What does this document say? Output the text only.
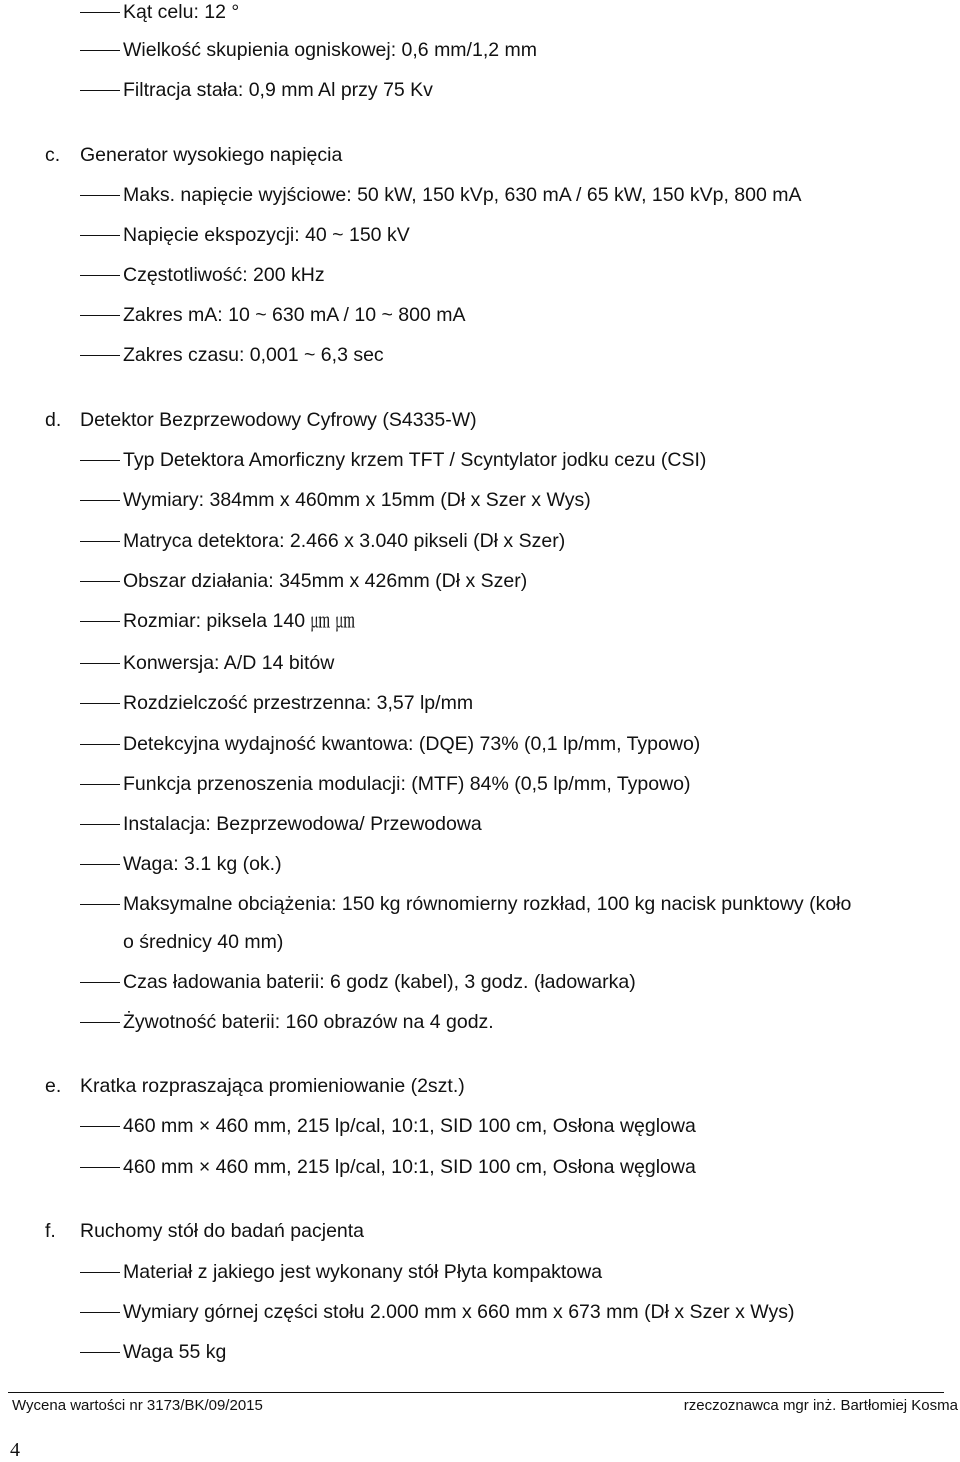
Kąt celu: 12 °
Wielkość skupienia ogniskowej: 0,6 mm/1,2 mm
Filtracja stała: 0,9 mm Al przy 75 Kv
c. Generator wysokiego napięcia
Maks. napięcie wyjściowe: 50 kW, 150 kVp, 630 mA / 65 kW, 150 kVp, 800 mA
Napięcie ekspozycji: 40 ~ 150 kV
Częstotliwość: 200 kHz
Zakres mA: 10 ~ 630 mA / 10 ~ 800 mA
Zakres czasu: 0,001 ~ 6,3 sec
d. Detektor Bezprzewodowy Cyfrowy (S4335-W)
Typ Detektora Amorficzny krzem TFT / Scyntylator jodku cezu (CSI)
Wymiary: 384mm x 460mm x 15mm (Dł x Szer x Wys)
Matryca detektora: 2.466 x 3.040 pikseli (Dł x Szer)
Obszar działania: 345mm x 426mm (Dł x Szer)
Rozmiar: piksela 140 ㎛ ㎛
Konwersja: A/D 14 bitów
Rozdzielczość przestrzenna: 3,57 lp/mm
Detekcyjna wydajność kwantowa: (DQE) 73% (0,1 lp/mm, Typowo)
Funkcja przenoszenia modulacji: (MTF) 84% (0,5 lp/mm, Typowo)
Instalacja: Bezprzewodowa/ Przewodowa
Waga: 3.1 kg (ok.)
Maksymalne obciążenia: 150 kg równomierny rozkład, 100 kg nacisk punktowy (koło
o średnicy 40 mm)
Czas ładowania baterii: 6 godz (kabel), 3 godz. (ładowarka)
Żywotność baterii: 160 obrazów na 4 godz.
e. Kratka rozpraszająca promieniowanie (2szt.)
460 mm × 460 mm, 215 lp/cal, 10:1, SID 100 cm, Osłona węglowa
460 mm × 460 mm, 215 lp/cal, 10:1, SID 100 cm, Osłona węglowa
f. Ruchomy stół do badań pacjenta
Materiał z jakiego jest wykonany stół Płyta kompaktowa
Wymiary górnej części stołu 2.000 mm x 660 mm x 673 mm (Dł x Szer x Wys)
Waga 55 kg
Wycena wartości nr 3173/BK/09/2015	rzeczoznawca mgr inż. Bartłomiej Kosma
4
